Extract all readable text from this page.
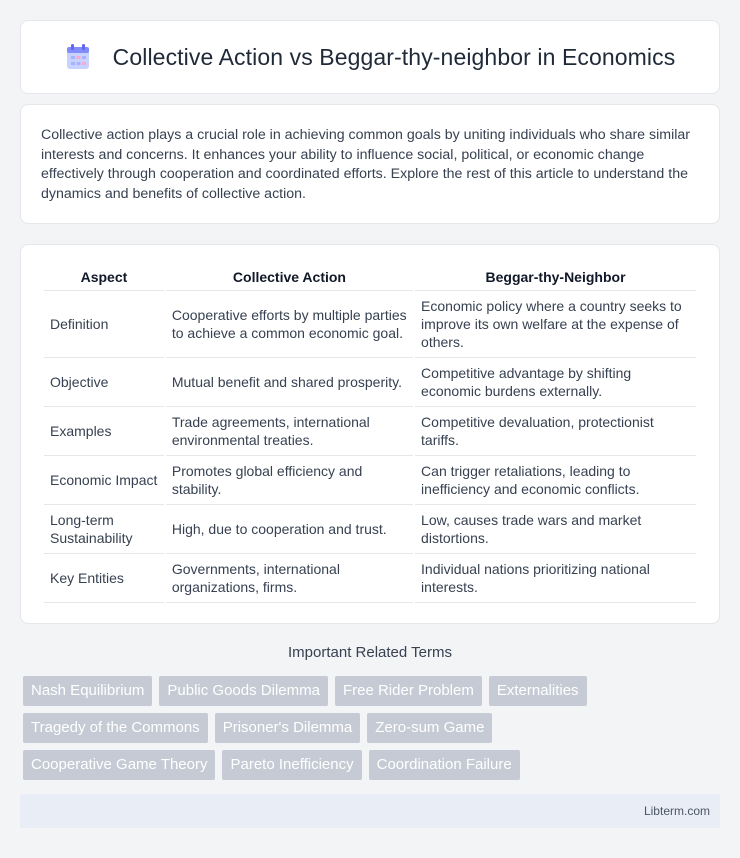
Collective Action vs Beggar-thy-neighbor in Economics

Collective action plays a crucial role in achieving common goals by uniting individuals who share similar interests and concerns. It enhances your ability to influence social, political, or economic change effectively through cooperation and coordinated efforts. Explore the rest of this article to understand the dynamics and benefits of collective action.

Aspect	Collective Action	Beggar-thy-Neighbor
Definition	Cooperative efforts by multiple parties to achieve a common economic goal.	Economic policy where a country seeks to improve its own welfare at the expense of others.
Objective	Mutual benefit and shared prosperity.	Competitive advantage by shifting economic burdens externally.
Examples	Trade agreements, international environmental treaties.	Competitive devaluation, protectionist tariffs.
Economic Impact	Promotes global efficiency and stability.	Can trigger retaliations, leading to inefficiency and economic conflicts.
Long-term Sustainability	High, due to cooperation and trust.	Low, causes trade wars and market distortions.
Key Entities	Governments, international organizations, firms.	Individual nations prioritizing national interests.
Important Related Terms
Nash Equilibrium	Public Goods Dilemma	Free Rider Problem	Externalities
Tragedy of the Commons	Prisoner's Dilemma	Zero-sum Game
Cooperative Game Theory	Pareto Inefficiency	Coordination Failure
Libterm.com
